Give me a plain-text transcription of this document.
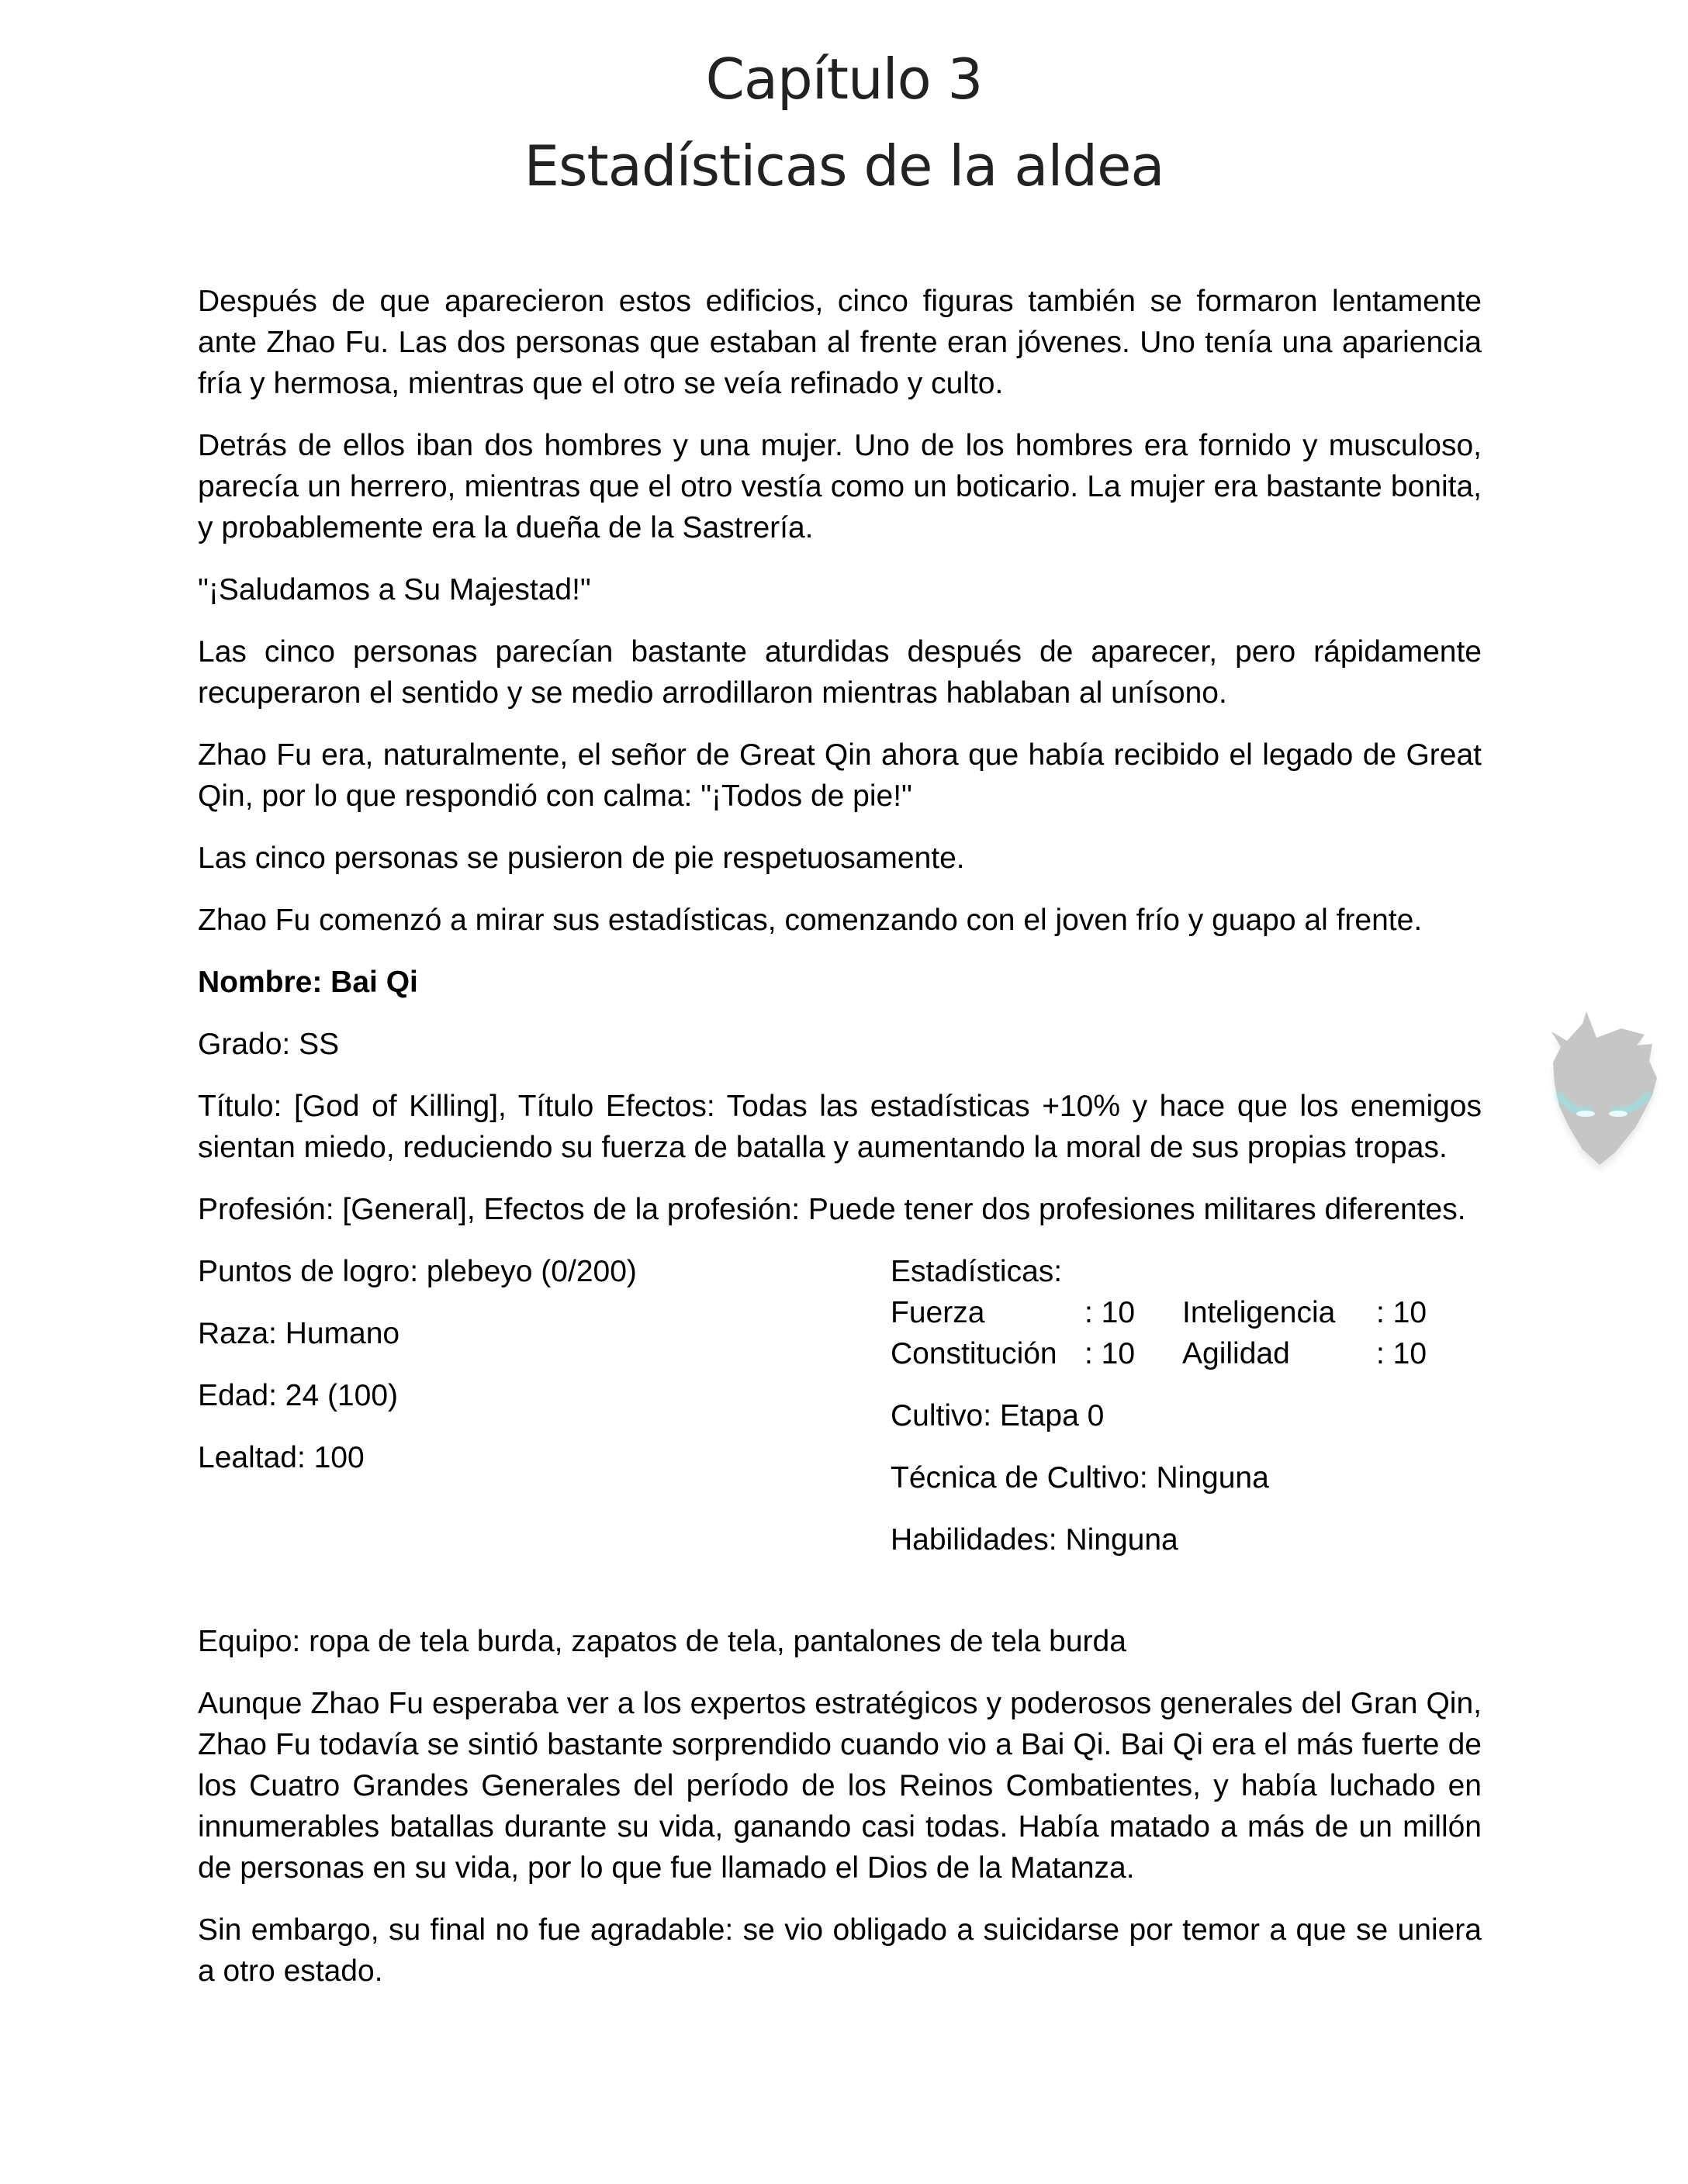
Capítulo 3
Estadísticas de la aldea

Después de que aparecieron estos edificios, cinco figuras también se formaron lentamente ante Zhao Fu. Las dos personas que estaban al frente eran jóvenes. Uno tenía una apariencia fría y hermosa, mientras que el otro se veía refinado y culto.

Detrás de ellos iban dos hombres y una mujer. Uno de los hombres era fornido y musculoso, parecía un herrero, mientras que el otro vestía como un boticario. La mujer era bastante bonita, y probablemente era la dueña de la Sastrería.

"¡Saludamos a Su Majestad!"

Las cinco personas parecían bastante aturdidas después de aparecer, pero rápidamente recuperaron el sentido y se medio arrodillaron mientras hablaban al unísono.

Zhao Fu era, naturalmente, el señor de Great Qin ahora que había recibido el legado de Great Qin, por lo que respondió con calma: "¡Todos de pie!"

Las cinco personas se pusieron de pie respetuosamente.

Zhao Fu comenzó a mirar sus estadísticas, comenzando con el joven frío y guapo al frente.

Nombre: Bai Qi

Grado: SS

Título: [God of Killing], Título Efectos: Todas las estadísticas +10% y hace que los enemigos sientan miedo, reduciendo su fuerza de batalla y aumentando la moral de sus propias tropas.

Profesión: [General], Efectos de la profesión: Puede tener dos profesiones militares diferentes.

Puntos de logro: plebeyo (0/200)

Raza: Humano

Edad: 24 (100)

Lealtad: 100

Estadísticas:
Fuerza	: 10	Inteligencia	: 10
Constitución	: 10	Agilidad	: 10

Cultivo: Etapa 0

Técnica de Cultivo: Ninguna

Habilidades: Ninguna

Equipo: ropa de tela burda, zapatos de tela, pantalones de tela burda

Aunque Zhao Fu esperaba ver a los expertos estratégicos y poderosos generales del Gran Qin, Zhao Fu todavía se sintió bastante sorprendido cuando vio a Bai Qi. Bai Qi era el más fuerte de los Cuatro Grandes Generales del período de los Reinos Combatientes, y había luchado en innumerables batallas durante su vida, ganando casi todas. Había matado a más de un millón de personas en su vida, por lo que fue llamado el Dios de la Matanza.

Sin embargo, su final no fue agradable: se vio obligado a suicidarse por temor a que se uniera a otro estado.
